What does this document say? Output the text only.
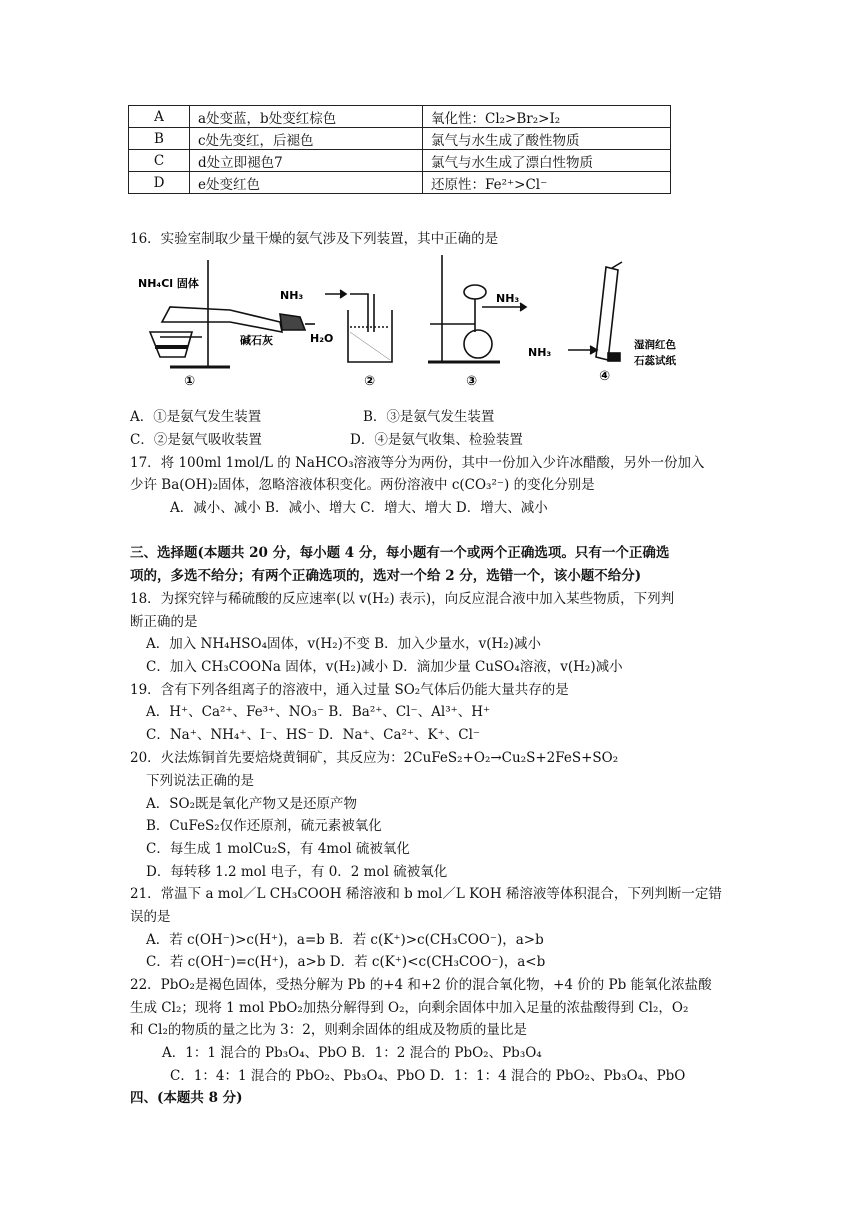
A	a处变蓝，b处变红棕色	氧化性：Cl₂>Br₂>I₂
B	c处先变红，后褪色	氯气与水生成了酸性物质
C	d处立即褪色7	氯气与水生成了漂白性物质
D	e处变红色	还原性：Fe²⁺>Cl⁻
16．实验室制取少量干燥的氨气涉及下列装置，其中正确的是
NH₄Cl 固体
碱石灰
①
NH₃
H₂O
②
NH₃
③
NH₃
湿润红色
石蕊试纸
④
A．①是氨气发生装置	B．③是氨气发生装置
C．②是氨气吸收装置	D．④是氨气收集、检验装置
17．将 100ml 1mol/L 的 NaHCO₃溶液等分为两份，其中一份加入少许冰醋酸，另外一份加入
少许 Ba(OH)₂固体，忽略溶液体积变化。两份溶液中 c(CO₃²⁻) 的变化分别是
A．减小、减小 B．减小、增大 C．增大、增大 D．增大、减小
三、选择题(本题共 20 分，每小题 4 分，每小题有一个或两个正确选项。只有一个正确选
项的，多选不给分；有两个正确选项的，选对一个给 2 分，选错一个，该小题不给分)
18．为探究锌与稀硫酸的反应速率(以 v(H₂) 表示)，向反应混合液中加入某些物质，下列判
断正确的是
A．加入 NH₄HSO₄固体，v(H₂)不变 B．加入少量水，v(H₂)减小
C．加入 CH₃COONa 固体，v(H₂)减小 D．滴加少量 CuSO₄溶液，v(H₂)减小
19．含有下列各组离子的溶液中，通入过量 SO₂气体后仍能大量共存的是
A．H⁺、Ca²⁺、Fe³⁺、NO₃⁻ B．Ba²⁺、Cl⁻、Al³⁺、H⁺
C．Na⁺、NH₄⁺、I⁻、HS⁻ D．Na⁺、Ca²⁺、K⁺、Cl⁻
20．火法炼铜首先要焙烧黄铜矿，其反应为：2CuFeS₂+O₂→Cu₂S+2FeS+SO₂
下列说法正确的是
A．SO₂既是氧化产物又是还原产物
B．CuFeS₂仅作还原剂，硫元素被氧化
C．每生成 1 molCu₂S，有 4mol 硫被氧化
D．每转移 1.2 mol 电子，有 0．2 mol 硫被氧化
21．常温下 a mol／L CH₃COOH 稀溶液和 b mol／L KOH 稀溶液等体积混合，下列判断一定错
误的是
A．若 c(OH⁻)>c(H⁺)，a=b B．若 c(K⁺)>c(CH₃COO⁻)，a>b
C．若 c(OH⁻)=c(H⁺)，a>b D．若 c(K⁺)<c(CH₃COO⁻)，a<b
22．PbO₂是褐色固体，受热分解为 Pb 的+4 和+2 价的混合氧化物，+4 价的 Pb 能氧化浓盐酸
生成 Cl₂；现将 1 mol PbO₂加热分解得到 O₂，向剩余固体中加入足量的浓盐酸得到 Cl₂，O₂
和 Cl₂的物质的量之比为 3：2，则剩余固体的组成及物质的量比是
A．1：1 混合的 Pb₃O₄、PbO B．1：2 混合的 PbO₂、Pb₃O₄
C．1：4：1 混合的 PbO₂、Pb₃O₄、PbO D．1：1：4 混合的 PbO₂、Pb₃O₄、PbO
四、(本题共 8 分)
